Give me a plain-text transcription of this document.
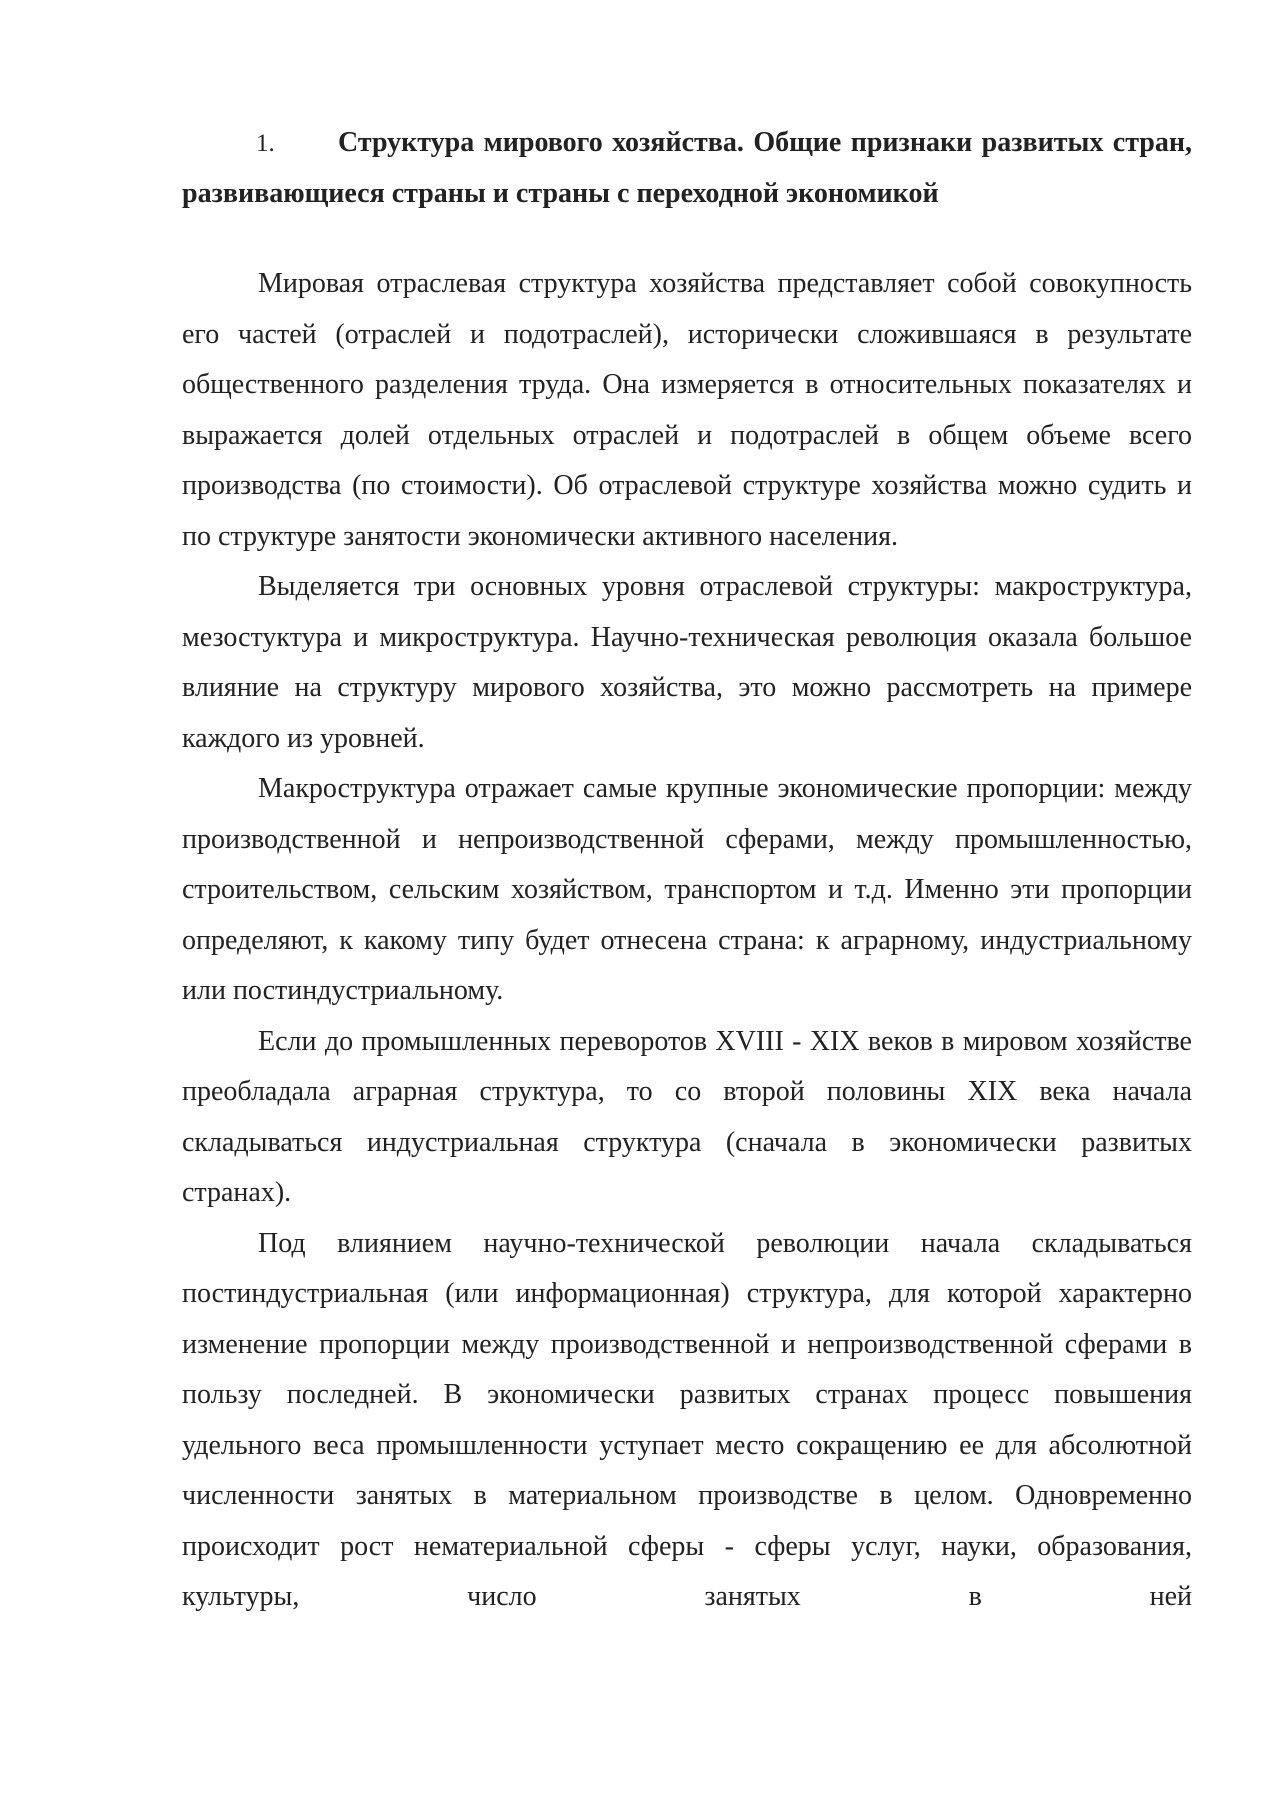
1. Структура мирового хозяйства. Общие признаки развитых стран, развивающиеся страны и страны с переходной экономикой

Мировая отраслевая структура хозяйства представляет собой совокупность его частей (отраслей и подотраслей), исторически сложившаяся в результате общественного разделения труда. Она измеряется в относительных показателях и выражается долей отдельных отраслей и подотраслей в общем объеме всего производства (по стоимости). Об отраслевой структуре хозяйства можно судить и по структуре занятости экономически активного населения.

Выделяется три основных уровня отраслевой структуры: макроструктура, мезостуктура и микроструктура. Научно-техническая революция оказала большое влияние на структуру мирового хозяйства, это можно рассмотреть на примере каждого из уровней.

Макроструктура отражает самые крупные экономические пропорции: между производственной и непроизводственной сферами, между промышленностью, строительством, сельским хозяйством, транспортом и т.д. Именно эти пропорции определяют, к какому типу будет отнесена страна: к аграрному, индустриальному или постиндустриальному.

Если до промышленных переворотов XVIII - XIX веков в мировом хозяйстве преобладала аграрная структура, то со второй половины XIX века начала складываться индустриальная структура (сначала в экономически развитых странах).

Под влиянием научно-технической революции начала складываться постиндустриальная (или информационная) структура, для которой характерно изменение пропорции между производственной и непроизводственной сферами в пользу последней. В экономически развитых странах процесс повышения удельного веса промышленности уступает место сокращению ее для абсолютной численности занятых в материальном производстве в целом. Одновременно происходит рост нематериальной сферы - сферы услуг, науки, образования, культуры, число занятых в ней
